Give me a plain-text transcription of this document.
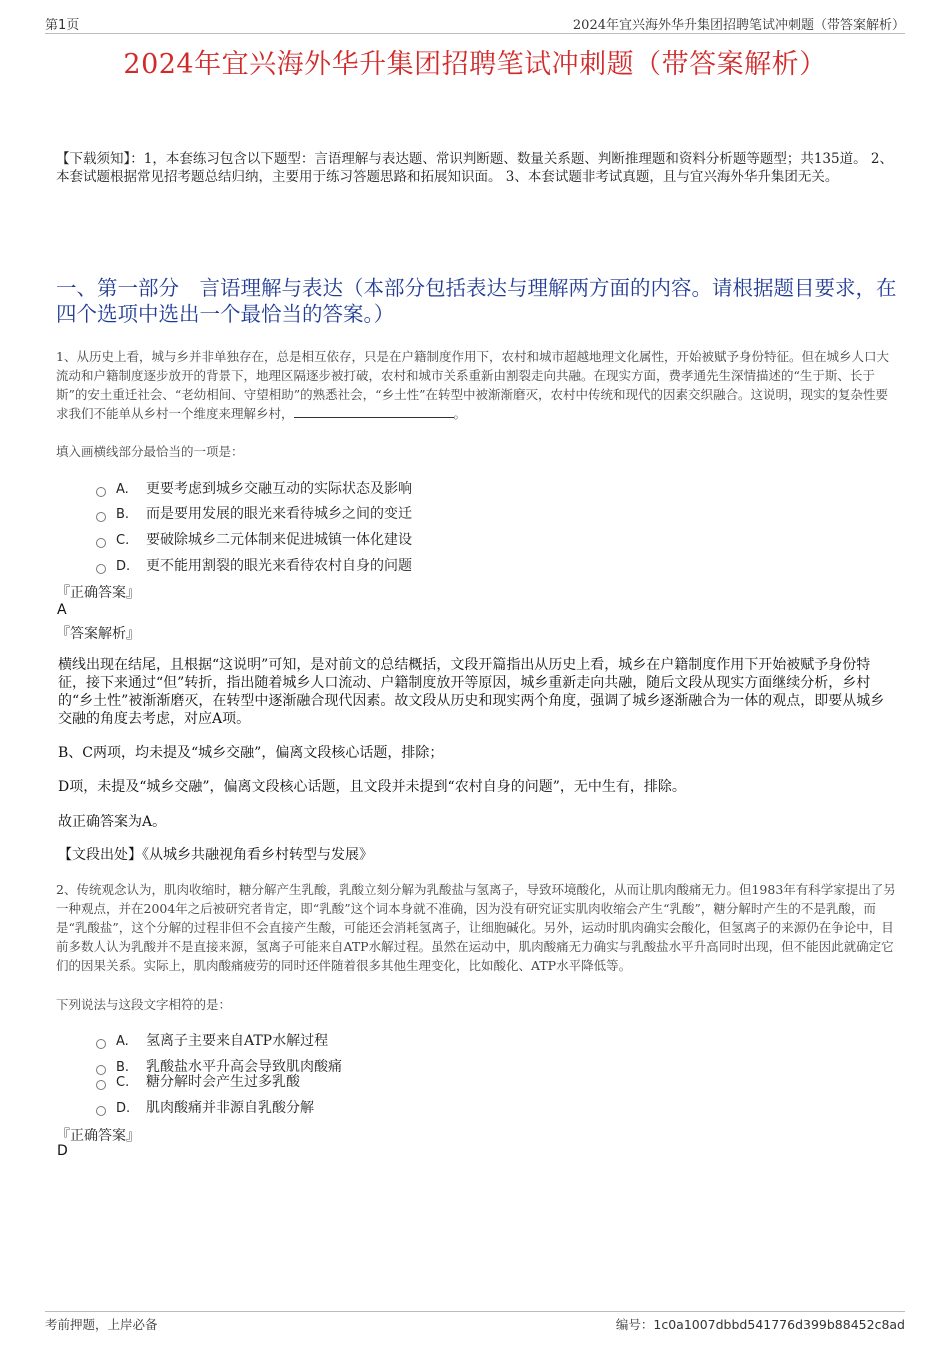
第1页	2024年宜兴海外华升集团招聘笔试冲刺题（带答案解析）
2024年宜兴海外华升集团招聘笔试冲刺题（带答案解析）
【下载须知】：1，本套练习包含以下题型：言语理解与表达题、常识判断题、数量关系题、判断推理题和资料分析题等题型；共135道。 2、本套试题根据常见招考题总结归纳，主要用于练习答题思路和拓展知识面。 3、本套试题非考试真题，且与宜兴海外华升集团无关。
一、第一部分　言语理解与表达（本部分包括表达与理解两方面的内容。请根据题目要求，在四个选项中选出一个最恰当的答案。）
1、从历史上看，城与乡并非单独存在，总是相互依存，只是在户籍制度作用下，农村和城市超越地理文化属性，开始被赋予身份特征。但在城乡人口大流动和户籍制度逐步放开的背景下，地理区隔逐步被打破，农村和城市关系重新由割裂走向共融。在现实方面，费孝通先生深情描述的“生于斯、长于斯”的安土重迁社会、“老幼相间、守望相助”的熟悉社会，“乡土性”在转型中被渐渐磨灭，农村中传统和现代的因素交织融合。这说明，现实的复杂性要求我们不能单从乡村一个维度来理解乡村，	。
填入画横线部分最恰当的一项是：
A. 更要考虑到城乡交融互动的实际状态及影响
B. 而是要用发展的眼光来看待城乡之间的变迁
C. 要破除城乡二元体制来促进城镇一体化建设
D. 更不能用割裂的眼光来看待农村自身的问题
『正确答案』
A
『答案解析』
横线出现在结尾，且根据“这说明”可知，是对前文的总结概括，文段开篇指出从历史上看，城乡在户籍制度作用下开始被赋予身份特征，接下来通过“但”转折，指出随着城乡人口流动、户籍制度放开等原因，城乡重新走向共融，随后文段从现实方面继续分析，乡村的“乡土性”被渐渐磨灭，在转型中逐渐融合现代因素。故文段从历史和现实两个角度，强调了城乡逐渐融合为一体的观点，即要从城乡交融的角度去考虑，对应A项。
B、C两项，均未提及“城乡交融”，偏离文段核心话题，排除；
D项，未提及“城乡交融”，偏离文段核心话题，且文段并未提到“农村自身的问题”，无中生有，排除。
故正确答案为A。
【文段出处】《从城乡共融视角看乡村转型与发展》
2、传统观念认为，肌肉收缩时，糖分解产生乳酸，乳酸立刻分解为乳酸盐与氢离子，导致环境酸化，从而让肌肉酸痛无力。但1983年有科学家提出了另一种观点，并在2004年之后被研究者肯定，即“乳酸”这个词本身就不准确，因为没有研究证实肌肉收缩会产生“乳酸”，糖分解时产生的不是乳酸，而是“乳酸盐”，这个分解的过程非但不会直接产生酸，可能还会消耗氢离子，让细胞碱化。另外，运动时肌肉确实会酸化，但氢离子的来源仍在争论中，目前多数人认为乳酸并不是直接来源，氢离子可能来自ATP水解过程。虽然在运动中，肌肉酸痛无力确实与乳酸盐水平升高同时出现，但不能因此就确定它们的因果关系。实际上，肌肉酸痛疲劳的同时还伴随着很多其他生理变化，比如酸化、ATP水平降低等。
下列说法与这段文字相符的是：
A. 氢离子主要来自ATP水解过程
B. 乳酸盐水平升高会导致肌肉酸痛
C. 糖分解时会产生过多乳酸
D. 肌肉酸痛并非源自乳酸分解
『正确答案』
D
考前押题，上岸必备	编号：1c0a1007dbbd541776d399b88452c8ad
